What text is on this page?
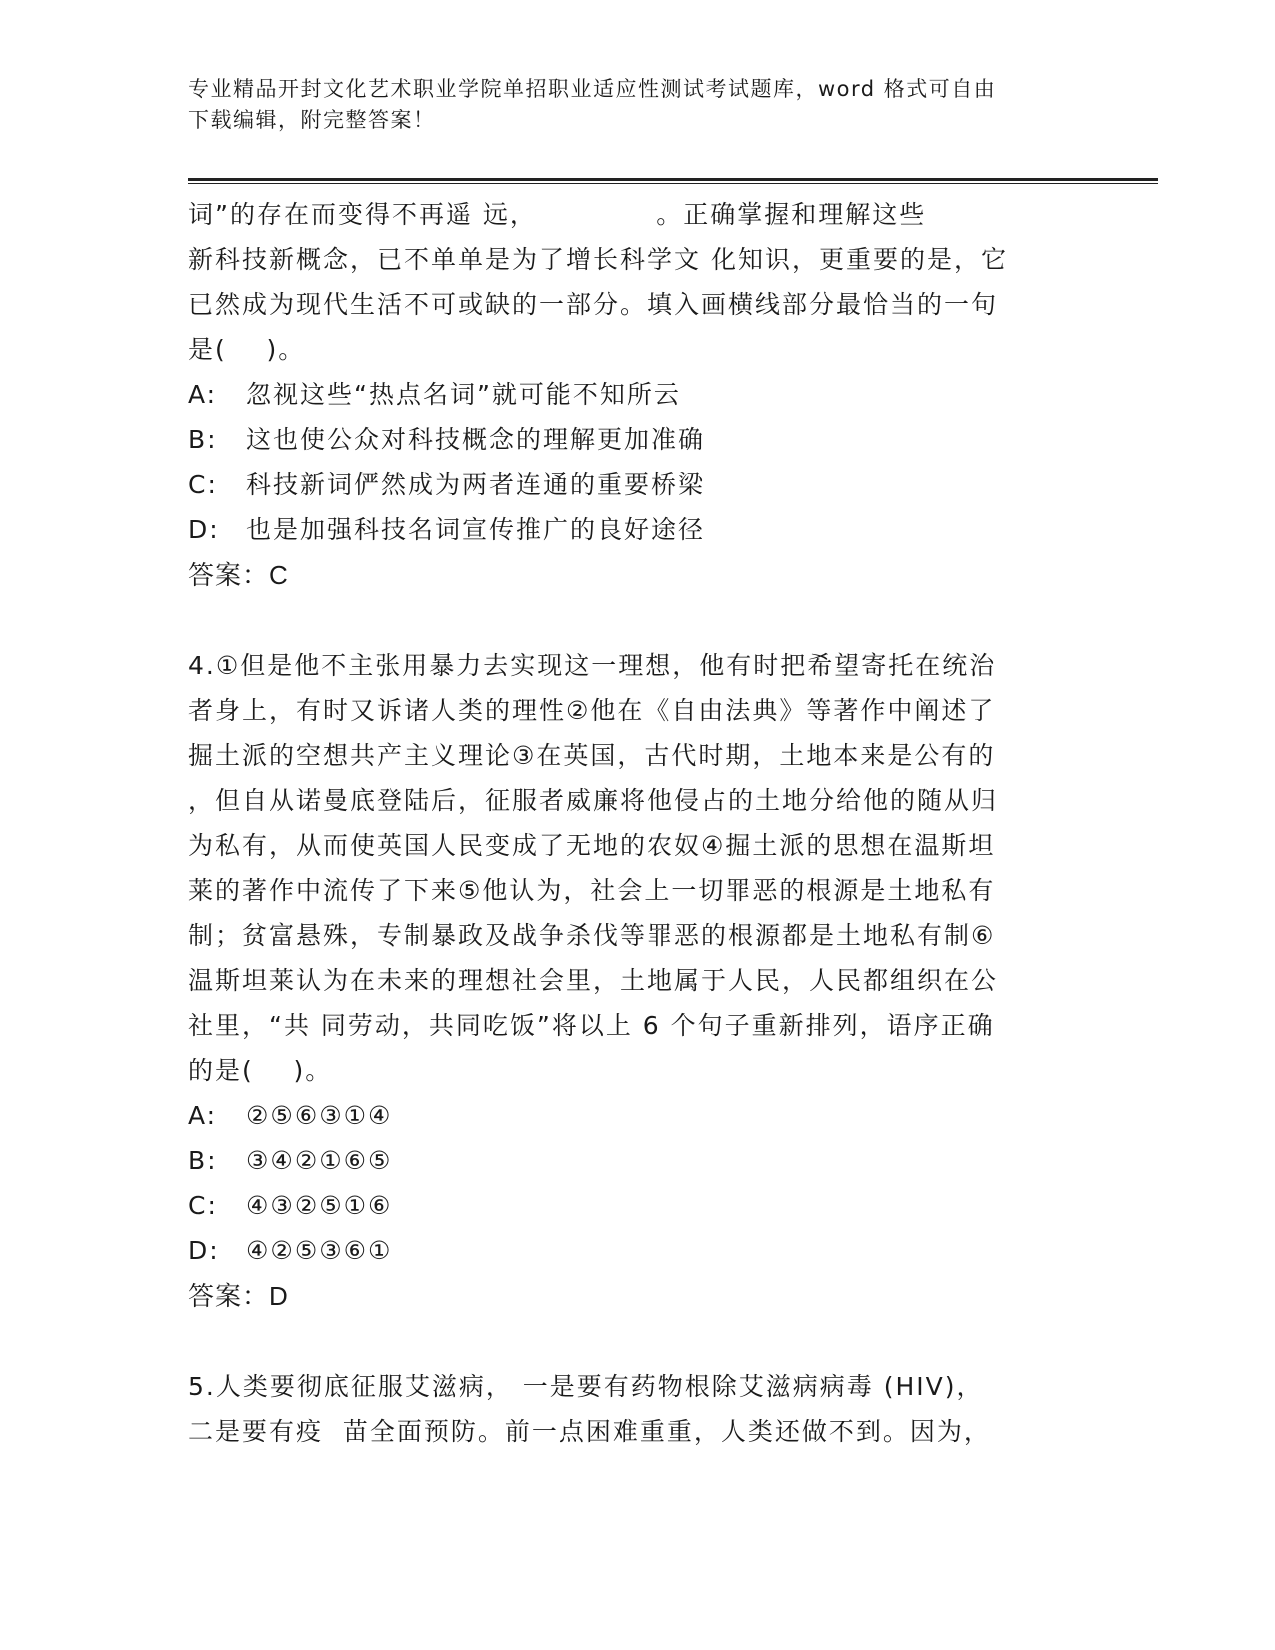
专业精品开封文化艺术职业学院单招职业适应性测试考试题库，word 格式可自由
下载编辑，附完整答案！
词”的存在而变得不再遥 远，            。正确掌握和理解这些
新科技新概念，已不单单是为了增长科学文 化知识，更重要的是，它
已然成为现代生活不可或缺的一部分。填入画横线部分最恰当的一句
是(    )。
A: 忽视这些“热点名词”就可能不知所云
B: 这也使公众对科技概念的理解更加准确
C: 科技新词俨然成为两者连通的重要桥梁
D: 也是加强科技名词宣传推广的良好途径
答案：C
4.①但是他不主张用暴力去实现这一理想，他有时把希望寄托在统治
者身上，有时又诉诸人类的理性②他在《自由法典》等著作中阐述了
掘土派的空想共产主义理论③在英国，古代时期，土地本来是公有的
，但自从诺曼底登陆后，征服者威廉将他侵占的土地分给他的随从归
为私有，从而使英国人民变成了无地的农奴④掘土派的思想在温斯坦
莱的著作中流传了下来⑤他认为，社会上一切罪恶的根源是土地私有
制；贫富悬殊，专制暴政及战争杀伐等罪恶的根源都是土地私有制⑥
温斯坦莱认为在未来的理想社会里，土地属于人民，人民都组织在公
社里，“共 同劳动，共同吃饭”将以上 6 个句子重新排列，语序正确
的是(    )。
A: ②⑤⑥③①④
B: ③④②①⑥⑤
C: ④③②⑤①⑥
D: ④②⑤③⑥①
答案：D
5.人类要彻底征服艾滋病， 一是要有药物根除艾滋病病毒 (HIV)，
二是要有疫  苗全面预防。前一点困难重重，人类还做不到。因为，
